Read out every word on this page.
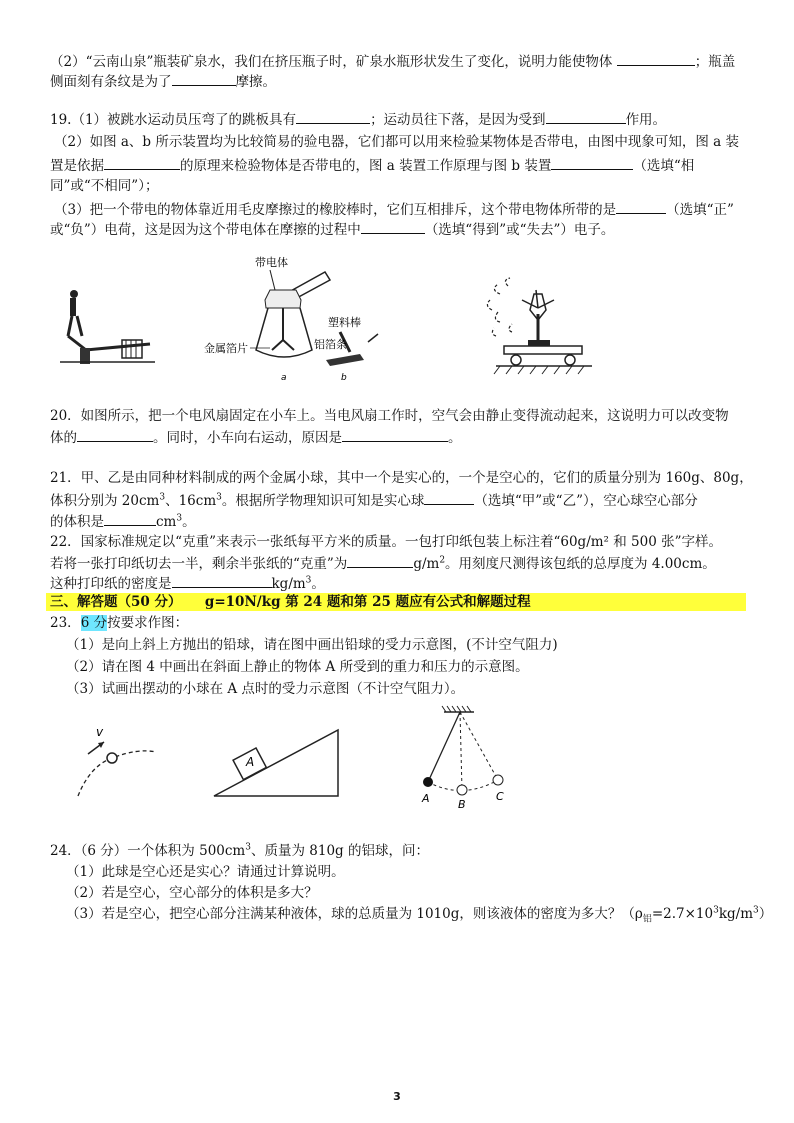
（2）“云南山泉”瓶装矿泉水，我们在挤压瓶子时，矿泉水瓶形状发生了变化，说明力能使物体	；瓶盖
侧面刻有条纹是为了	摩擦。
19.（1）被跳水运动员压弯了的跳板具有	；运动员往下落，是因为受到	作用。
（2）如图 a、b 所示装置均为比较简易的验电器，它们都可以用来检验某物体是否带电，由图中现象可知，图 a 装
置是依据	的原理来检验物体是否带电的，图 a 装置工作原理与图 b 装置	（选填“相
同”或“不相同”）；
（3）把一个带电的物体靠近用毛皮摩擦过的橡胶棒时，它们互相排斥，这个带电物体所带的是	（选填“正”
或“负”）电荷，这是因为这个带电体在摩擦的过程中	（选填“得到”或“失去”）电子。
带电体
金属箔片
a
塑料棒
铝箔条
b
20．如图所示，把一个电风扇固定在小车上。当电风扇工作时，空气会由静止变得流动起来，这说明力可以改变物
体的	。同时，小车向右运动，原因是	。
21．甲、乙是由同种材料制成的两个金属小球，其中一个是实心的，一个是空心的，它们的质量分别为 160g、80g，
体积分别为 $20cm^3$、$16cm^3$。根据所学物理知识可知是实心球	（选填“甲”或“乙”），空心球空心部分
的体积是	$cm^3$。
22．国家标准规定以“克重”来表示一张纸每平方米的质量。一包打印纸包装上标注着“60g/m² 和 500 张”字样。
若将一张打印纸切去一半，剩余半张纸的“克重”为	$g/m^2$。用刻度尺测得该包纸的总厚度为 4.00cm。
这种打印纸的密度是	$kg/m^3$。
三、解答题（50 分） g=10N/kg 第 24 题和第 25 题应有公式和解题过程
23．6 分按要求作图：
（1）是向上斜上方抛出的铅球，请在图中画出铅球的受力示意图，(不计空气阻力)
（2）请在图 4 中画出在斜面上静止的物体 A 所受到的重力和压力的示意图。
（3）试画出摆动的小球在 A 点时的受力示意图（不计空气阻力）。
v
A
A	B
C
24．（6 分）一个体积为 $500cm^3$、质量为 810g 的铝球，问：
（1）此球是空心还是实心？请通过计算说明。
（2）若是空心，空心部分的体积是多大？
（3）若是空心，把空心部分注满某种液体，球的总质量为 1010g，则该液体的密度为多大？$(\rho_铝=2.7\times 10^3kg/m^3)$
3
